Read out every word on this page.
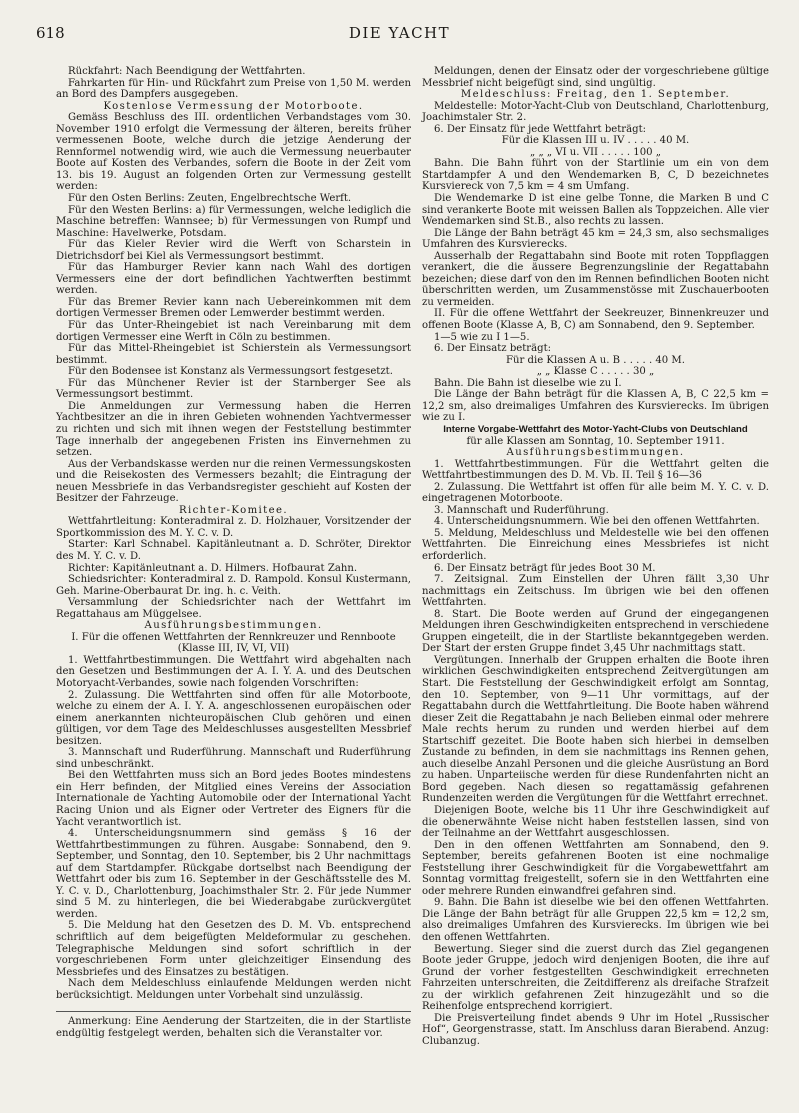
618	DIE YACHT

Rückfahrt: Nach Beendigung der Wettfahrten.

Fahrkarten für Hin- und Rückfahrt zum Preise von 1,50 M. werden an Bord des Dampfers ausgegeben.

Kostenlose Vermessung der Motorboote.

Gemäss Beschluss des III. ordentlichen Verbandstages vom 30. November 1910 erfolgt die Vermessung der älteren, bereits früher vermessenen Boote, welche durch die jetzige Aenderung der Rennformel notwendig wird, wie auch die Vermessung neuerbauter Boote auf Kosten des Verbandes, sofern die Boote in der Zeit vom 13. bis 19. August an folgenden Orten zur Vermessung gestellt werden:

Für den Osten Berlins: Zeuten, Engelbrechtsche Werft.

Für den Westen Berlins: a) für Vermessungen, welche lediglich die Maschine betreffen: Wannsee; b) für Vermessungen von Rumpf und Maschine: Havelwerke, Potsdam.

Für das Kieler Revier wird die Werft von Scharstein in Dietrichsdorf bei Kiel als Vermessungsort bestimmt.

Für das Hamburger Revier kann nach Wahl des dortigen Vermessers eine der dort befindlichen Yachtwerften bestimmt werden.

Für das Bremer Revier kann nach Uebereinkommen mit dem dortigen Vermesser Bremen oder Lemwerder bestimmt werden.

Für das Unter-Rheingebiet ist nach Vereinbarung mit dem dortigen Vermesser eine Werft in Cöln zu bestimmen.

Für das Mittel-Rheingebiet ist Schierstein als Vermessungsort bestimmt.

Für den Bodensee ist Konstanz als Vermessungsort festgesetzt.

Für das Münchener Revier ist der Starnberger See als Vermessungsort bestimmt.

Die Anmeldungen zur Vermessung haben die Herren Yachtbesitzer an die in ihren Gebieten wohnenden Yachtvermesser zu richten und sich mit ihnen wegen der Feststellung bestimmter Tage innerhalb der angegebenen Fristen ins Einvernehmen zu setzen.

Aus der Verbandskasse werden nur die reinen Vermessungskosten und die Reisekosten des Vermessers bezahlt; die Eintragung der neuen Messbriefe in das Verbandsregister geschieht auf Kosten der Besitzer der Fahrzeuge.

Richter-Komitee.

Wettfahrtleitung: Konteradmiral z. D. Holzhauer, Vorsitzender der Sportkommission des M. Y. C. v. D.

Starter: Karl Schnabel. Kapitänleutnant a. D. Schröter, Direktor des M. Y. C. v. D.

Richter: Kapitänleutnant a. D. Hilmers. Hofbaurat Zahn.

Schiedsrichter: Konteradmiral z. D. Rampold. Konsul Kustermann, Geh. Marine-Oberbaurat Dr. ing. h. c. Veith.

Versammlung der Schiedsrichter nach der Wettfahrt im Regattahaus am Müggelsee.

Ausführungsbestimmungen.

I. Für die offenen Wettfahrten der Rennkreuzer und Rennboote (Klasse III, IV, VI, VII)

1. Wettfahrtbestimmungen. Die Wettfahrt wird abgehalten nach den Gesetzen und Bestimmungen der A. I. Y. A. und des Deutschen Motoryacht-Verbandes, sowie nach folgenden Vorschriften:

2. Zulassung. Die Wettfahrten sind offen für alle Motorboote, welche zu einem der A. I. Y. A. angeschlossenen europäischen oder einem anerkannten nichteuropäischen Club gehören und einen gültigen, vor dem Tage des Meldeschlusses ausgestellten Messbrief besitzen.

3. Mannschaft und Ruderführung. Mannschaft und Ruderführung sind unbeschränkt.

Bei den Wettfahrten muss sich an Bord jedes Bootes mindestens ein Herr befinden, der Mitglied eines Vereins der Association Internationale de Yachting Automobile oder der International Yacht Racing Union und als Eigner oder Vertreter des Eigners für die Yacht verantwortlich ist.

4. Unterscheidungsnummern sind gemäss § 16 der Wettfahrtbestimmungen zu führen. Ausgabe: Sonnabend, den 9. September, und Sonntag, den 10. September, bis 2 Uhr nachmittags auf dem Startdampfer. Rückgabe dortselbst nach Beendigung der Wettfahrt oder bis zum 16. September in der Geschäftsstelle des M. Y. C. v. D., Charlottenburg, Joachimsthaler Str. 2. Für jede Nummer sind 5 M. zu hinterlegen, die bei Wiederabgabe zurückvergütet werden.

5. Die Meldung hat den Gesetzen des D. M. Vb. entsprechend schriftlich auf dem beigefügten Meldeformular zu geschehen. Telegraphische Meldungen sind sofort schriftlich in der vorgeschriebenen Form unter gleichzeitiger Einsendung des Messbriefes und des Einsatzes zu bestätigen.

Nach dem Meldeschluss einlaufende Meldungen werden nicht berücksichtigt. Meldungen unter Vorbehalt sind unzulässig.

Anmerkung: Eine Aenderung der Startzeiten, die in der Startliste endgültig festgelegt werden, behalten sich die Veranstalter vor.

Meldungen, denen der Einsatz oder der vorgeschriebene gültige Messbrief nicht beigefügt sind, sind ungültig.

Meldeschluss: Freitag, den 1. September.

Meldestelle: Motor-Yacht-Club von Deutschland, Charlottenburg, Joachimstaler Str. 2.

6. Der Einsatz für jede Wettfahrt beträgt:

Für die Klassen III u. IV . . . . . 40 M.

„ „ „ VI u. VII . . . . . 100 „

Bahn. Die Bahn führt von der Startlinie um ein von dem Startdampfer A und den Wendemarken B, C, D bezeichnetes Kursviereck von 7,5 km = 4 sm Umfang.

Die Wendemarke D ist eine gelbe Tonne, die Marken B und C sind verankerte Boote mit weissen Ballen als Toppzeichen. Alle vier Wendemarken sind St.B., also rechts zu lassen.

Die Länge der Bahn beträgt 45 km = 24,3 sm, also sechsmaliges Umfahren des Kursvierecks.

Ausserhalb der Regattabahn sind Boote mit roten Toppflaggen verankert, die die äussere Begrenzungslinie der Regattabahn bezeichen; diese darf von den im Rennen befindlichen Booten nicht überschritten werden, um Zusammenstösse mit Zuschauerbooten zu vermeiden.

II. Für die offene Wettfahrt der Seekreuzer, Binnenkreuzer und offenen Boote (Klasse A, B, C) am Sonnabend, den 9. September.

1—5 wie zu I 1—5.

6. Der Einsatz beträgt:

Für die Klassen A u. B . . . . . 40 M.

„ „ Klasse C . . . . . 30 „

Bahn. Die Bahn ist dieselbe wie zu I.

Die Länge der Bahn beträgt für die Klassen A, B, C 22,5 km = 12,2 sm, also dreimaliges Umfahren des Kursvierecks. Im übrigen wie zu I.

Interne Vorgabe-Wettfahrt des Motor-Yacht-Clubs von Deutschland

für alle Klassen am Sonntag, 10. September 1911.

Ausführungsbestimmungen.

1. Wettfahrtbestimmungen. Für die Wettfahrt gelten die Wettfahrtbestimmungen des D. M. Vb. II. Teil § 16—36

2. Zulassung. Die Wettfahrt ist offen für alle beim M. Y. C. v. D. eingetragenen Motorboote.

3. Mannschaft und Ruderführung.

4. Unterscheidungsnummern. Wie bei den offenen Wettfahrten.

5. Meldung, Meldeschluss und Meldestelle wie bei den offenen Wettfahrten. Die Einreichung eines Messbriefes ist nicht erforderlich.

6. Der Einsatz beträgt für jedes Boot 30 M.

7. Zeitsignal. Zum Einstellen der Uhren fällt 3,30 Uhr nachmittags ein Zeitschuss. Im übrigen wie bei den offenen Wettfahrten.

8. Start. Die Boote werden auf Grund der eingegangenen Meldungen ihren Geschwindigkeiten entsprechend in verschiedene Gruppen eingeteilt, die in der Startliste bekanntgegeben werden. Der Start der ersten Gruppe findet 3,45 Uhr nachmittags statt.

Vergütungen. Innerhalb der Gruppen erhalten die Boote ihren wirklichen Geschwindigkeiten entsprechend Zeitvergütungen am Start. Die Feststellung der Geschwindigkeit erfolgt am Sonntag, den 10. September, von 9—11 Uhr vormittags, auf der Regattabahn durch die Wettfahrtleitung. Die Boote haben während dieser Zeit die Regattabahn je nach Belieben einmal oder mehrere Male rechts herum zu runden und werden hierbei auf dem Startschiff gezeitet. Die Boote haben sich hierbei in demselben Zustande zu befinden, in dem sie nachmittags ins Rennen gehen, auch dieselbe Anzahl Personen und die gleiche Ausrüstung an Bord zu haben. Unparteiische werden für diese Rundenfahrten nicht an Bord gegeben. Nach diesen so regattamässig gefahrenen Rundenzeiten werden die Vergütungen für die Wettfahrt errechnet.

Diejenigen Boote, welche bis 11 Uhr ihre Geschwindigkeit auf die obenerwähnte Weise nicht haben feststellen lassen, sind von der Teilnahme an der Wettfahrt ausgeschlossen.

Den in den offenen Wettfahrten am Sonnabend, den 9. September, bereits gefahrenen Booten ist eine nochmalige Feststellung ihrer Geschwindigkeit für die Vorgabewettfahrt am Sonntag vormittag freigestellt, sofern sie in den Wettfahrten eine oder mehrere Runden einwandfrei gefahren sind.

9. Bahn. Die Bahn ist dieselbe wie bei den offenen Wettfahrten. Die Länge der Bahn beträgt für alle Gruppen 22,5 km = 12,2 sm, also dreimaliges Umfahren des Kursvierecks. Im übrigen wie bei den offenen Wettfahrten.

Bewertung. Sieger sind die zuerst durch das Ziel gegangenen Boote jeder Gruppe, jedoch wird denjenigen Booten, die ihre auf Grund der vorher festgestellten Geschwindigkeit errechneten Fahrzeiten unterschreiten, die Zeitdifferenz als dreifache Strafzeit zu der wirklich gefahrenen Zeit hinzugezählt und so die Reihenfolge entsprechend korrigiert.

Die Preisverteilung findet abends 9 Uhr im Hotel „Russischer Hof“, Georgenstrasse, statt. Im Anschluss daran Bierabend. Anzug: Clubanzug.
